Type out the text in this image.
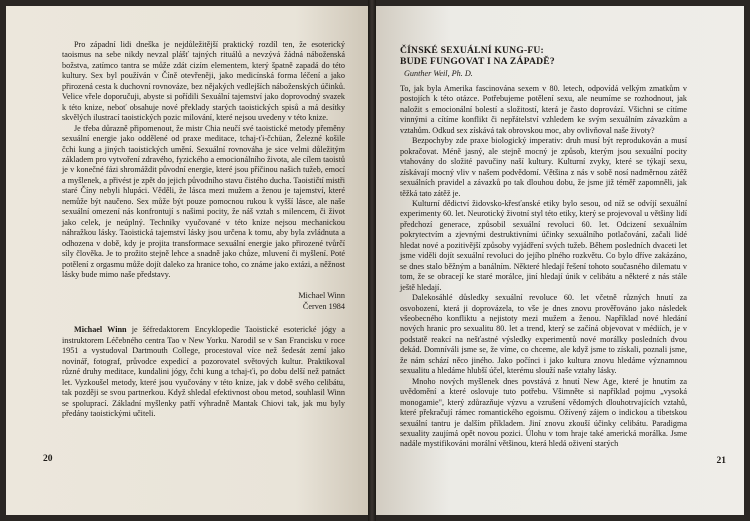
Pro západní lidi dneška je nejdůležitější praktický rozdíl ten, že esoterický taoismus na sebe nikdy nevzal plášť tajných rituálů a nevzývá žádná náboženská božstva, zatímco tantra se může zdát cizím elementem, který špatně zapadá do této kultury. Sex byl používán v Číně otevřeněji, jako medicínská forma léčení a jako přirozená cesta k duchovní rovnováze, bez nějakých vedlejších náboženských účinků. Velice vřele doporučuji, abyste si pořídili Sexuální tajemství jako doprovodný svazek k této knize, neboť obsahuje nové překlady starých taoistických spisů a má desítky skvělých ilustrací taoistických pozic milování, které nejsou uvedeny v této knize.

Je třeba důrazně připomenout, že mistr Chia neučí své taoistické metody přeměny sexuální energie jako oddělené od praxe meditace, tchaj-ťi-čchüan, Železné košile čchi kung a jiných taoistických umění. Sexuální rovnováha je sice velmi důležitým základem pro vytvoření zdravého, fyzického a emocionálního života, ale cílem taoistů je v konečné fázi shromáždit původní energie, které jsou příčinou našich tužeb, emocí a myšlenek, a přivést je zpět do jejich původního stavu čistého ducha. Taoističtí mistři staré Číny nebyli hlupáci. Věděli, že lásca mezi mužem a ženou je tajemství, které nemůže být naučeno. Sex může být pouze pomocnou rukou k vyšší lásce, ale naše sexuální omezení nás konfrontují s našimi pocity, že náš vztah s milencem, či život jako celek, je neúplný. Techniky vyučované v této knize nejsou mechanickou náhražkou lásky. Taoistická tajemství lásky jsou určena k tomu, aby byla zvládnuta a odhozena v době, kdy je projita transformace sexuální energie jako přirozené tvůrčí síly člověka. Je to prožito stejně lehce a snadně jako chůze, mluvení či myšlení. Poté potělení z orgasmu může dojít daleko za hranice toho, co známe jako extázi, a něžnost lásky bude mimo naše představy.

Michael Winn

Červen 1984

Michael Winn je šéfredaktorem Encyklopedie Taoistické esoterické jógy a instruktorem Léčebného centra Tao v New Yorku. Narodil se v San Francisku v roce 1951 a vystudoval Dartmouth College, procestoval více než šedesát zemí jako novinář, fotograf, průvodce expedicí a pozorovatel světových kultur. Praktikoval různé druhy meditace, kundalini jógy, čchi kung a tchaj-ťi, po dobu delší než patnáct let. Vyzkoušel metody, které jsou vyučovány v této knize, jak v době svého celibátu, tak později se svou partnerkou. Když shledal efektivnost obou metod, souhlasil Winn se spoluprací. Základní myšlenky patří výhradně Mantak Chiovi tak, jak mu byly předány taoistickými učiteli.

20
ČÍNSKÉ SEXUÁLNÍ KUNG-FU:
BUDE FUNGOVAT I NA ZÁPADĚ?
Gunther Weil, Ph. D.

To, jak byla Amerika fascinována sexem v 80. letech, odpovídá velkým zmatkům v postojích k této otázce. Potřebujeme potělení sexu, ale neumíme se rozhodnout, jak naložit s emocionální bolestí a složitostí, která je často doprovází. Všichni se cítíme vinnými a cítíme konflikt či nepřátelství vzhledem ke svým sexuálním závazkům a vztahům. Odkud sex získává tak obrovskou moc, aby ovlivňoval naše životy?

Bezpochyby zde praxe biologický imperativ: druh musí být reprodukován a musí pokračovat. Méně jasný, ale stejně mocný je způsob, kterým jsou sexuální pocity vtahovány do složité pavučiny naší kultury. Kulturní zvyky, které se týkají sexu, získávají mocný vliv v našem podvědomí. Většina z nás v sobě nosí nadměrnou zátěž sexuálních pravidel a závazků po tak dlouhou dobu, že jsme již téměř zapomněli, jak těžká tato zátěž je.

Kulturní dědictví židovsko-křesťanské etiky bylo sesou, od níž se odvíjí sexuální experimenty 60. let. Neurotický životní styl této etiky, který se projevoval u většiny lidí předchozí generace, způsobil sexuální revoluci 60. let. Odcizení sexuálním pokrytectvím a zjevnými destruktivními účinky sexuálního potlačování, začali lidé hledat nové a pozitivější způsoby vyjádření svých tužeb. Během posledních dvaceti let jsme viděli dojít sexuální revoluci do jejího plného rozkvětu. Co bylo dříve zakázáno, se dnes stalo běžným a banálním. Některé hledají řešení tohoto současného dilematu v tom, že se obracejí ke staré morálce, jiní hledají únik v celibátu a některé z nás stále ještě hledají.

Dalekosáhlé důsledky sexuální revoluce 60. let včetně různých hnutí za osvobození, která ji doprovázela, to vše je dnes znovu prověřováno jako následek všeobecného konfliktu a nejistoty mezi mužem a ženou. Například nové hledání nových hranic pro sexualitu 80. let a trend, který se začíná objevovat v médiích, je v podstatě reakcí na nešťastné výsledky experimentů nové morálky posledních dvou dekád. Domníváli jsme se, že víme, co chceme, ale když jsme to získali, poznali jsme, že nám schází něco jiného. Jako počínci i jako kultura znovu hledáme významnou sexualitu a hledáme hlubší účel, kterému slouží naše vztahy lásky.

Mnoho nových myšlenek dnes povstává z hnutí New Age, které je hnutím za uvědomění a které oslovuje tuto potřebu. Všimněte si například pojmu „vysoká monogamie", který zdůrazňuje výzvu a vzrušení vědomých dlouhotrvajících vztahů, které překračují rámec romantického egoismu. Ožívený zájem o indickou a tibetskou sexuální tantru je dalším příkladem. Jiní znovu zkouší účinky celibátu. Paradigma sexuality zaujímá opět novou pozici. Úlohu v tom hraje také americká morálka. Jsme nadále mystifikováni morální většinou, která hledá oživení starých

21
